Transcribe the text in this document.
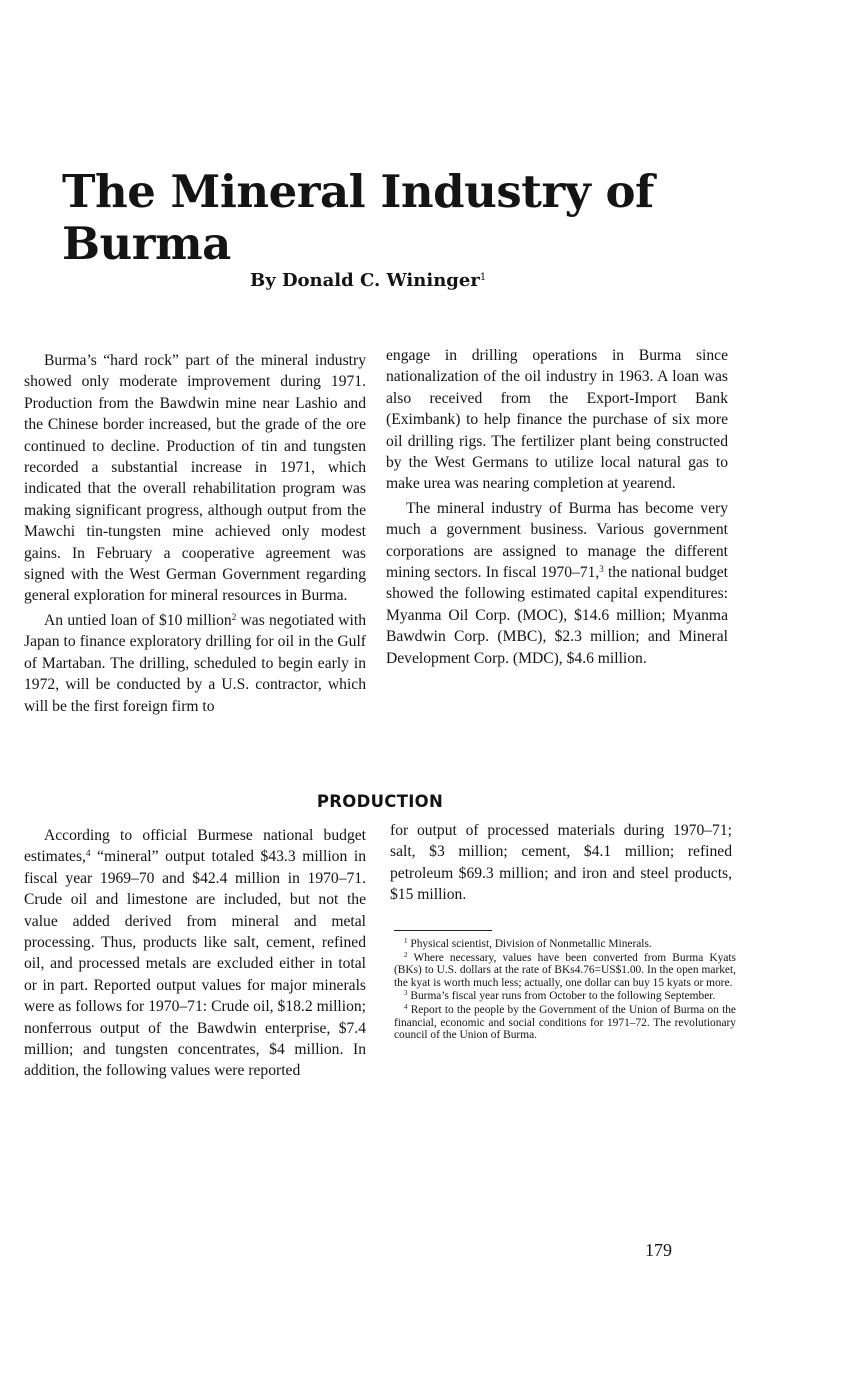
The Mineral Industry of Burma

By Donald C. Wininger$^1$

Burma’s “hard rock” part of the mineral industry showed only moderate improvement during 1971. Production from the Bawdwin mine near Lashio and the Chinese border increased, but the grade of the ore continued to decline. Production of tin and tungsten recorded a substantial increase in 1971, which indicated that the overall rehabilitation program was making significant progress, although output from the Mawchi tin-tungsten mine achieved only modest gains. In February a cooperative agreement was signed with the West German Government regarding general exploration for mineral resources in Burma.

An untied loan of $10 million$^2$ was negotiated with Japan to finance exploratory drilling for oil in the Gulf of Martaban. The drilling, scheduled to begin early in 1972, will be conducted by a U.S. contractor, which will be the first foreign firm to

engage in drilling operations in Burma since nationalization of the oil industry in 1963. A loan was also received from the Export-Import Bank (Eximbank) to help finance the purchase of six more oil drilling rigs. The fertilizer plant being constructed by the West Germans to utilize local natural gas to make urea was nearing completion at yearend.

The mineral industry of Burma has become very much a government business. Various government corporations are assigned to manage the different mining sectors. In fiscal 1970–71,$^3$ the national budget showed the following estimated capital expenditures: Myanma Oil Corp. (MOC), $14.6 million; Myanma Bawdwin Corp. (MBC), $2.3 million; and Mineral Development Corp. (MDC), $4.6 million.

PRODUCTION

According to official Burmese national budget estimates,$^4$ “mineral” output totaled $43.3 million in fiscal year 1969–70 and $42.4 million in 1970–71. Crude oil and limestone are included, but not the value added derived from mineral and metal processing. Thus, products like salt, cement, refined oil, and processed metals are excluded either in total or in part. Reported output values for major minerals were as follows for 1970–71: Crude oil, $18.2 million; nonferrous output of the Bawdwin enterprise, $7.4 million; and tungsten concentrates, $4 million. In addition, the following values were reported

for output of processed materials during 1970–71; salt, $3 million; cement, $4.1 million; refined petroleum $69.3 million; and iron and steel products, $15 million.

$^1$ Physical scientist, Division of Nonmetallic Minerals.

$^2$ Where necessary, values have been converted from Burma Kyats (BKs) to U.S. dollars at the rate of BKs4.76=US$1.00. In the open market, the kyat is worth much less; actually, one dollar can buy 15 kyats or more.

$^3$ Burma’s fiscal year runs from October to the following September.

$^4$ Report to the people by the Government of the Union of Burma on the financial, economic and social conditions for 1971–72. The revolutionary council of the Union of Burma.

179
